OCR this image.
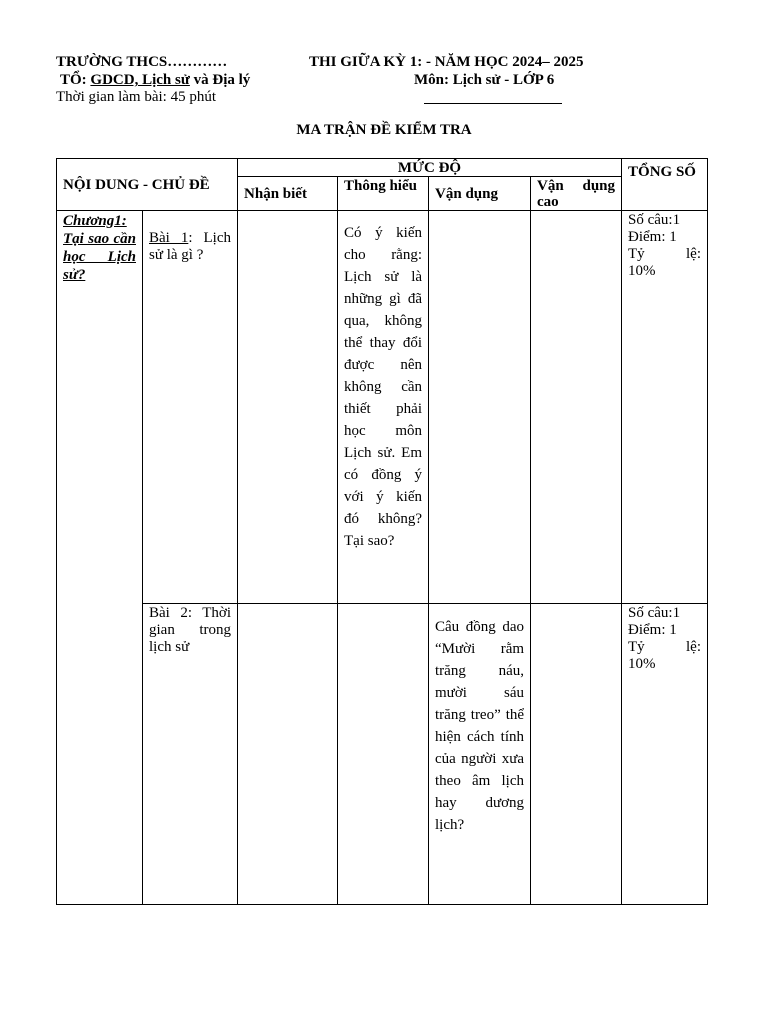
TRƯỜNG THCS…………	THI GIỮA KỲ 1: - NĂM HỌC 2024– 2025
TỔ: GDCD, Lịch sử và Địa lý	Môn: Lịch sử - LỚP 6
Thời gian làm bài: 45 phút
MA TRẬN ĐỀ KIỂM TRA
NỘI DUNG - CHỦ ĐỀ		MỨC ĐỘ				TỔNG SỐ
		Nhận biết	Thông hiểu	Vận dụng	Vận dụng cao	
Chương1: Tại sao cần học Lịch sử?	Bài 1: Lịch sử là gì ?		Có ý kiến cho rằng: Lịch sử là những gì đã qua, không thể thay đổi được nên không cần thiết phải học môn Lịch sử. Em có đồng ý với ý kiến đó không? Tại sao?			Số câu:1
Điểm: 1
Tỷ lệ:
10%

	Bài 2: Thời gian trong lịch sử			Câu đồng dao “Mười rằm trăng náu, mười sáu trăng treo” thể hiện cách tính của người xưa theo âm lịch hay dương lịch?		Số câu:1
Điểm: 1
Tỷ lệ:
10%
